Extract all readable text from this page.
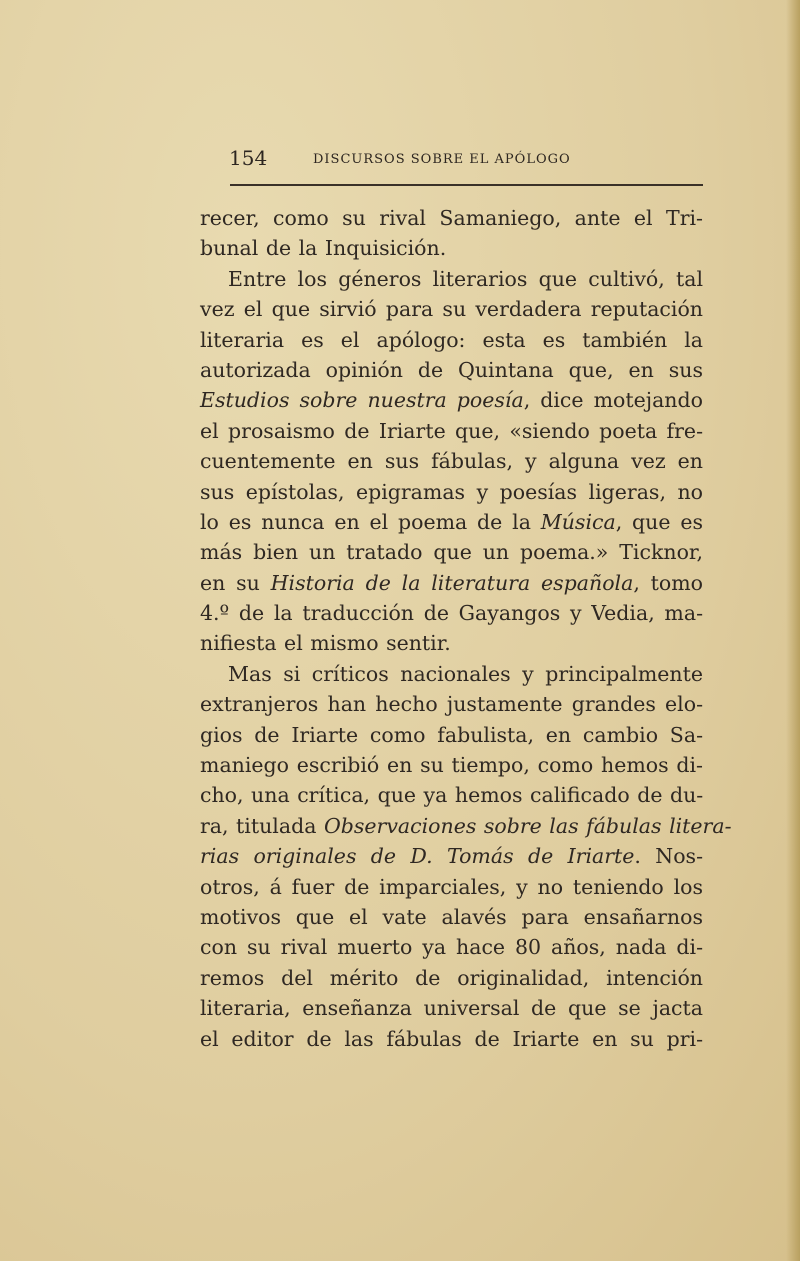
154	DISCURSOS SOBRE EL APÓLOGO
recer, como su rival Samaniego, ante el Tri-
bunal de la Inquisición.
Entre los géneros literarios que cultivó, tal
vez el que sirvió para su verdadera reputación
literaria es el apólogo: esta es también la
autorizada opinión de Quintana que, en sus
Estudios sobre nuestra poesía, dice motejando
el prosaismo de Iriarte que, «siendo poeta fre-
cuentemente en sus fábulas, y alguna vez en
sus epístolas, epigramas y poesías ligeras, no
lo es nunca en el poema de la Música, que es
más bien un tratado que un poema.» Ticknor,
en su Historia de la literatura española, tomo
4.º de la traducción de Gayangos y Vedia, ma-
nifiesta el mismo sentir.
Mas si críticos nacionales y principalmente
extranjeros han hecho justamente grandes elo-
gios de Iriarte como fabulista, en cambio Sa-
maniego escribió en su tiempo, como hemos di-
cho, una crítica, que ya hemos calificado de du-
ra, titulada Observaciones sobre las fábulas litera-
rias originales de D. Tomás de Iriarte. Nos-
otros, á fuer de imparciales, y no teniendo los
motivos que el vate alavés para ensañarnos
con su rival muerto ya hace 80 años, nada di-
remos del mérito de originalidad, intención
literaria, enseñanza universal de que se jacta
el editor de las fábulas de Iriarte en su pri-
